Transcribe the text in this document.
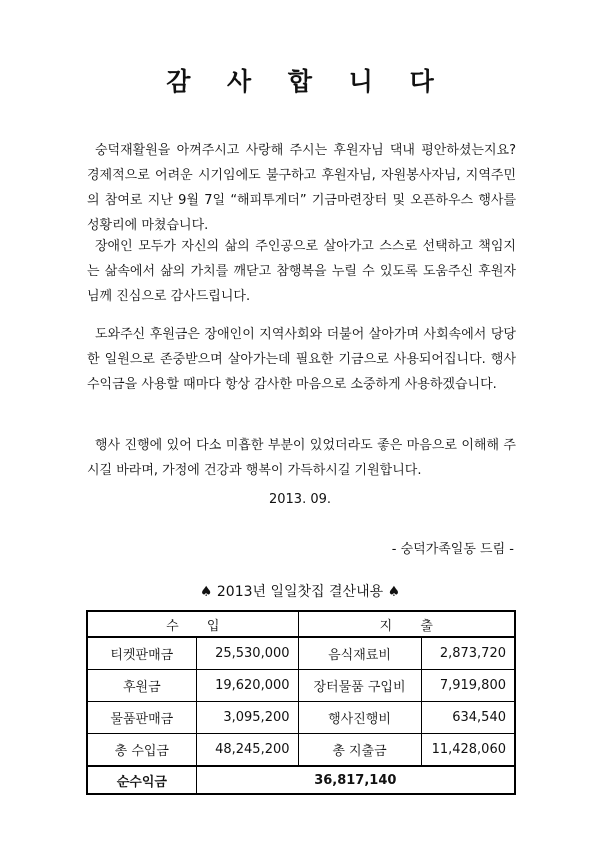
감 사 합 니 다
숭덕재활원을 아껴주시고 사랑해 주시는 후원자님 댁내 평안하셨는지요? 경제적으로 어려운 시기임에도 불구하고 후원자님, 자원봉사자님, 지역주민의 참여로 지난 9월 7일 “해피투게더” 기금마련장터 및 오픈하우스 행사를 성황리에 마쳤습니다.
장애인 모두가 자신의 삶의 주인공으로 살아가고 스스로 선택하고 책임지는 삶속에서 삶의 가치를 깨닫고 참행복을 누릴 수 있도록 도움주신 후원자님께 진심으로 감사드립니다.
도와주신 후원금은 장애인이 지역사회와 더불어 살아가며 사회속에서 당당한 일원으로 존중받으며 살아가는데 필요한 기금으로 사용되어집니다. 행사 수익금을 사용할 때마다 항상 감사한 마음으로 소중하게 사용하겠습니다.
행사 진행에 있어 다소 미흡한 부분이 있었더라도 좋은 마음으로 이해해 주시길 바라며, 가정에 건강과 행복이 가득하시길 기원합니다.
2013. 09.
- 숭덕가족일동 드림 -
♠ 2013년 일일찻집 결산내용 ♠
수 입		지 출	
티켓판매금	25,530,000	음식재료비	2,873,720
후원금	19,620,000	장터물품 구입비	7,919,800
물품판매금	3,095,200	행사진행비	634,540
총 수입금	48,245,200	총 지출금	11,428,060
순수익금	36,817,140		
